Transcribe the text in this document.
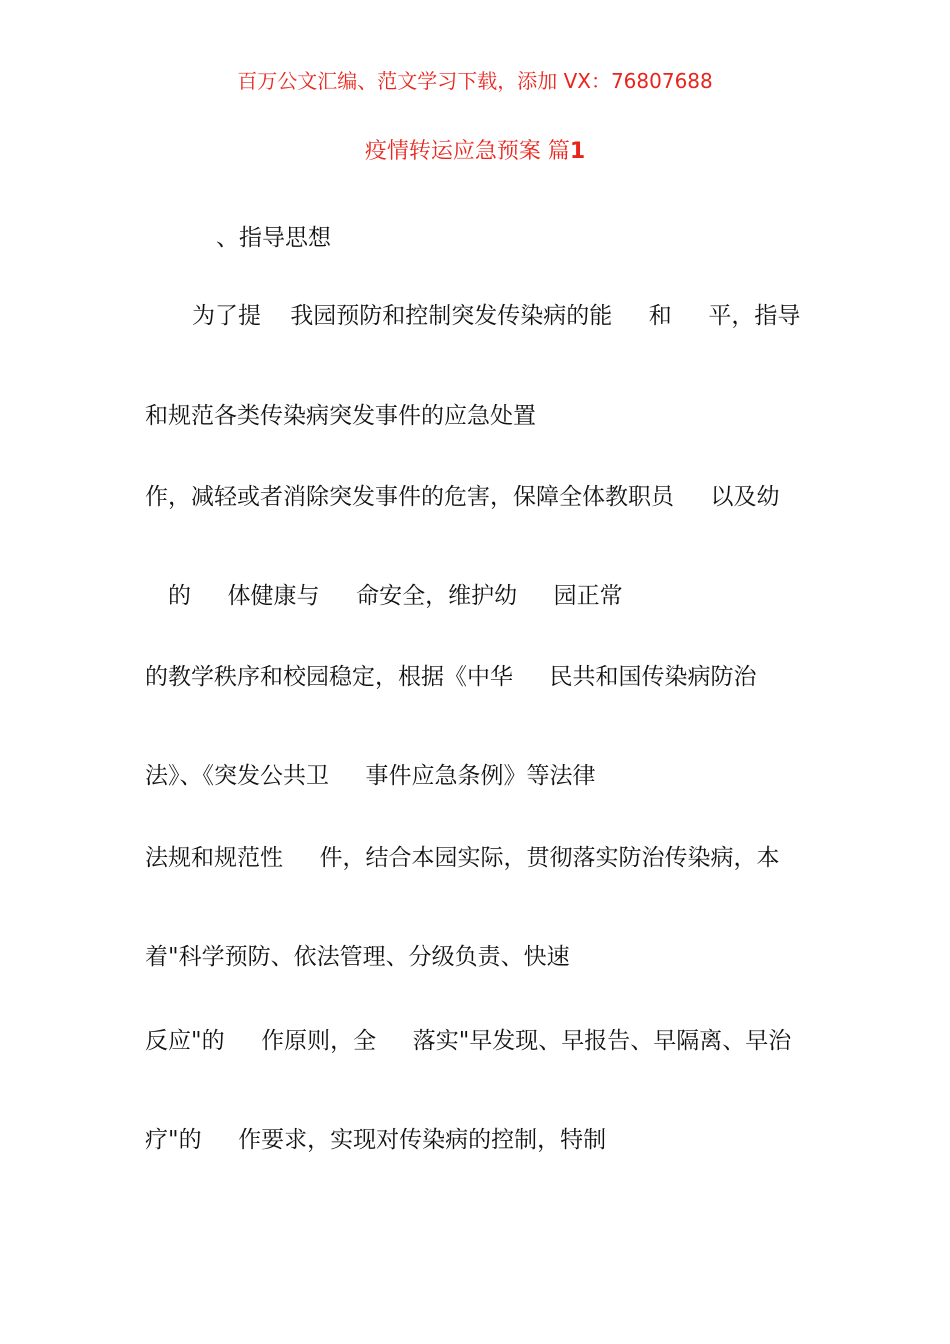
百万公文汇编、范文学习下载，添加 VX：76807688
疫情转运应急预案 篇1
、指导思想
为了提    我园预防和控制突发传染病的能     和     平，指导
和规范各类传染病突发事件的应急处置
作，减轻或者消除突发事件的危害，保障全体教职员     以及幼
的     体健康与     命安全，维护幼     园正常
的教学秩序和校园稳定，根据《中华     民共和国传染病防治
法》、《突发公共卫     事件应急条例》等法律
法规和规范性     件，结合本园实际，贯彻落实防治传染病，本
着"科学预防、依法管理、分级负责、快速
反应"的     作原则，全     落实"早发现、早报告、早隔离、早治
疗"的     作要求，实现对传染病的控制，特制
